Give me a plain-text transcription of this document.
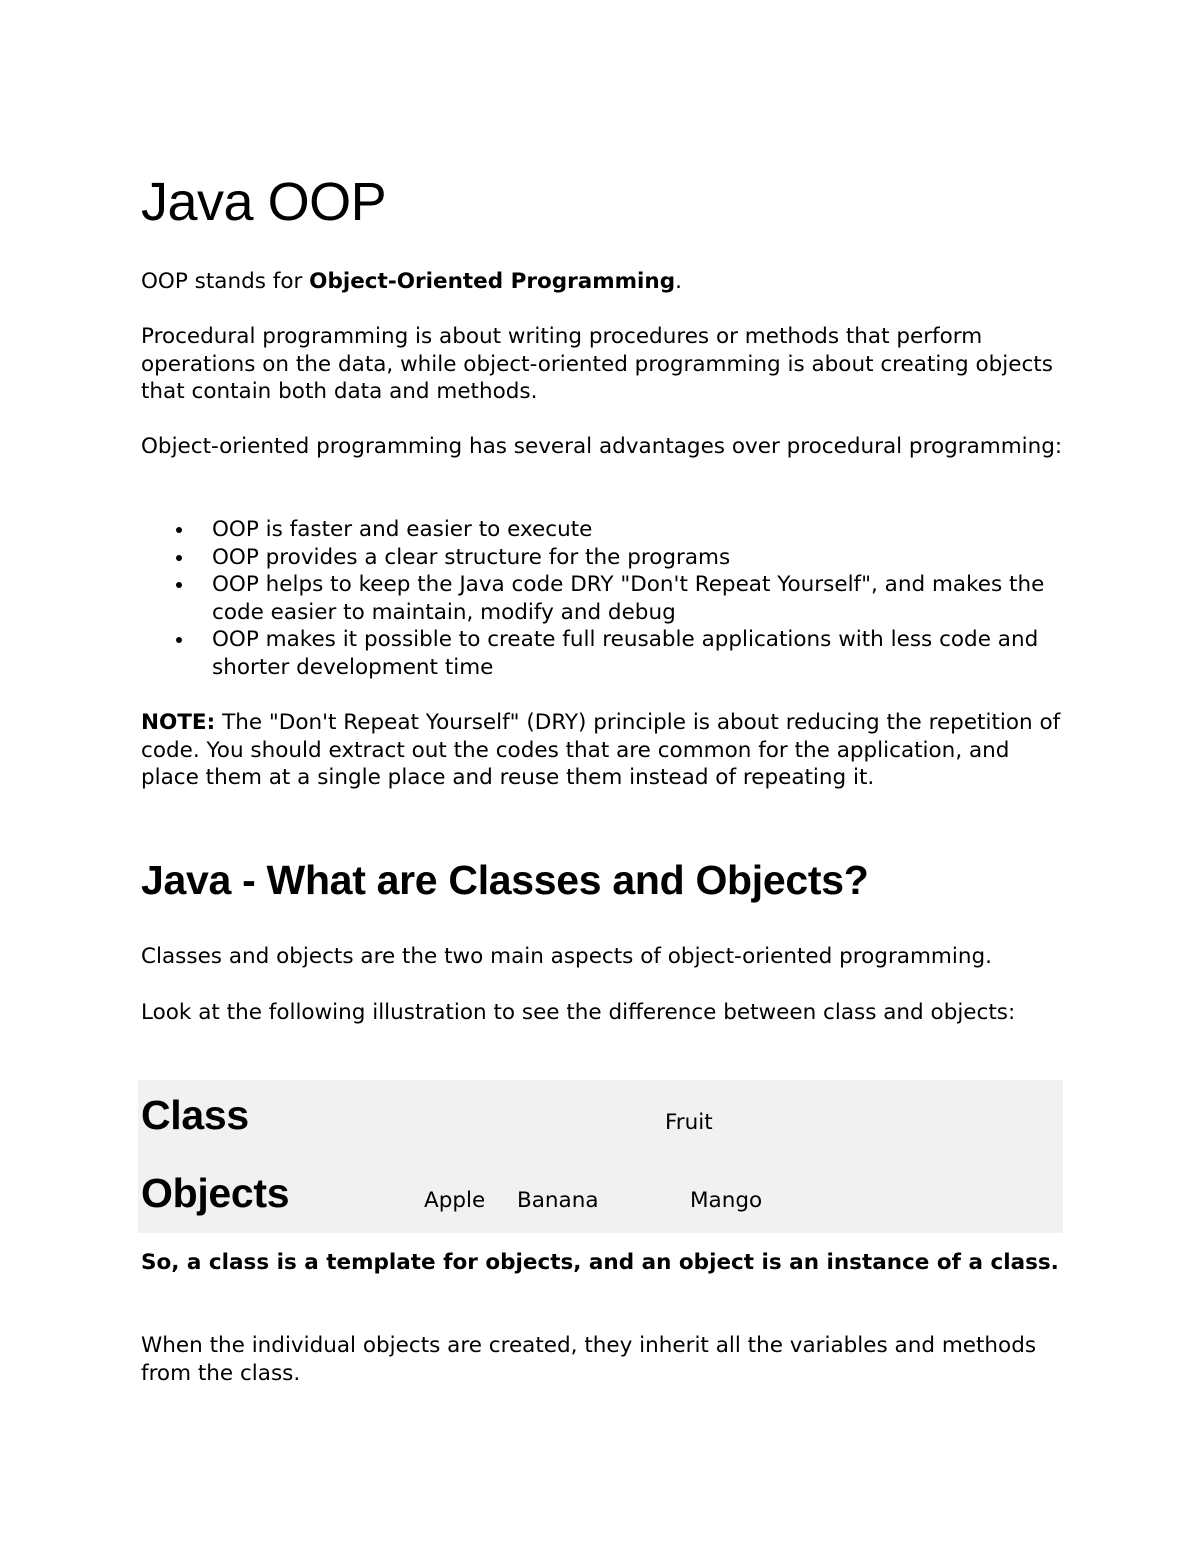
Java OOP

OOP stands for Object-Oriented Programming.

Procedural programming is about writing procedures or methods that perform operations on the data, while object-oriented programming is about creating objects that contain both data and methods.

Object-oriented programming has several advantages over procedural programming:

OOP is faster and easier to execute
OOP provides a clear structure for the programs
OOP helps to keep the Java code DRY "Don't Repeat Yourself", and makes the code easier to maintain, modify and debug
OOP makes it possible to create full reusable applications with less code and shorter development time

NOTE: The "Don't Repeat Yourself" (DRY) principle is about reducing the repetition of code. You should extract out the codes that are common for the application, and place them at a single place and reuse them instead of repeating it.

Java - What are Classes and Objects?

Classes and objects are the two main aspects of object-oriented programming.

Look at the following illustration to see the difference between class and objects:

Class	Fruit
Objects	Apple Banana	Mango

So, a class is a template for objects, and an object is an instance of a class.

When the individual objects are created, they inherit all the variables and methods from the class.
